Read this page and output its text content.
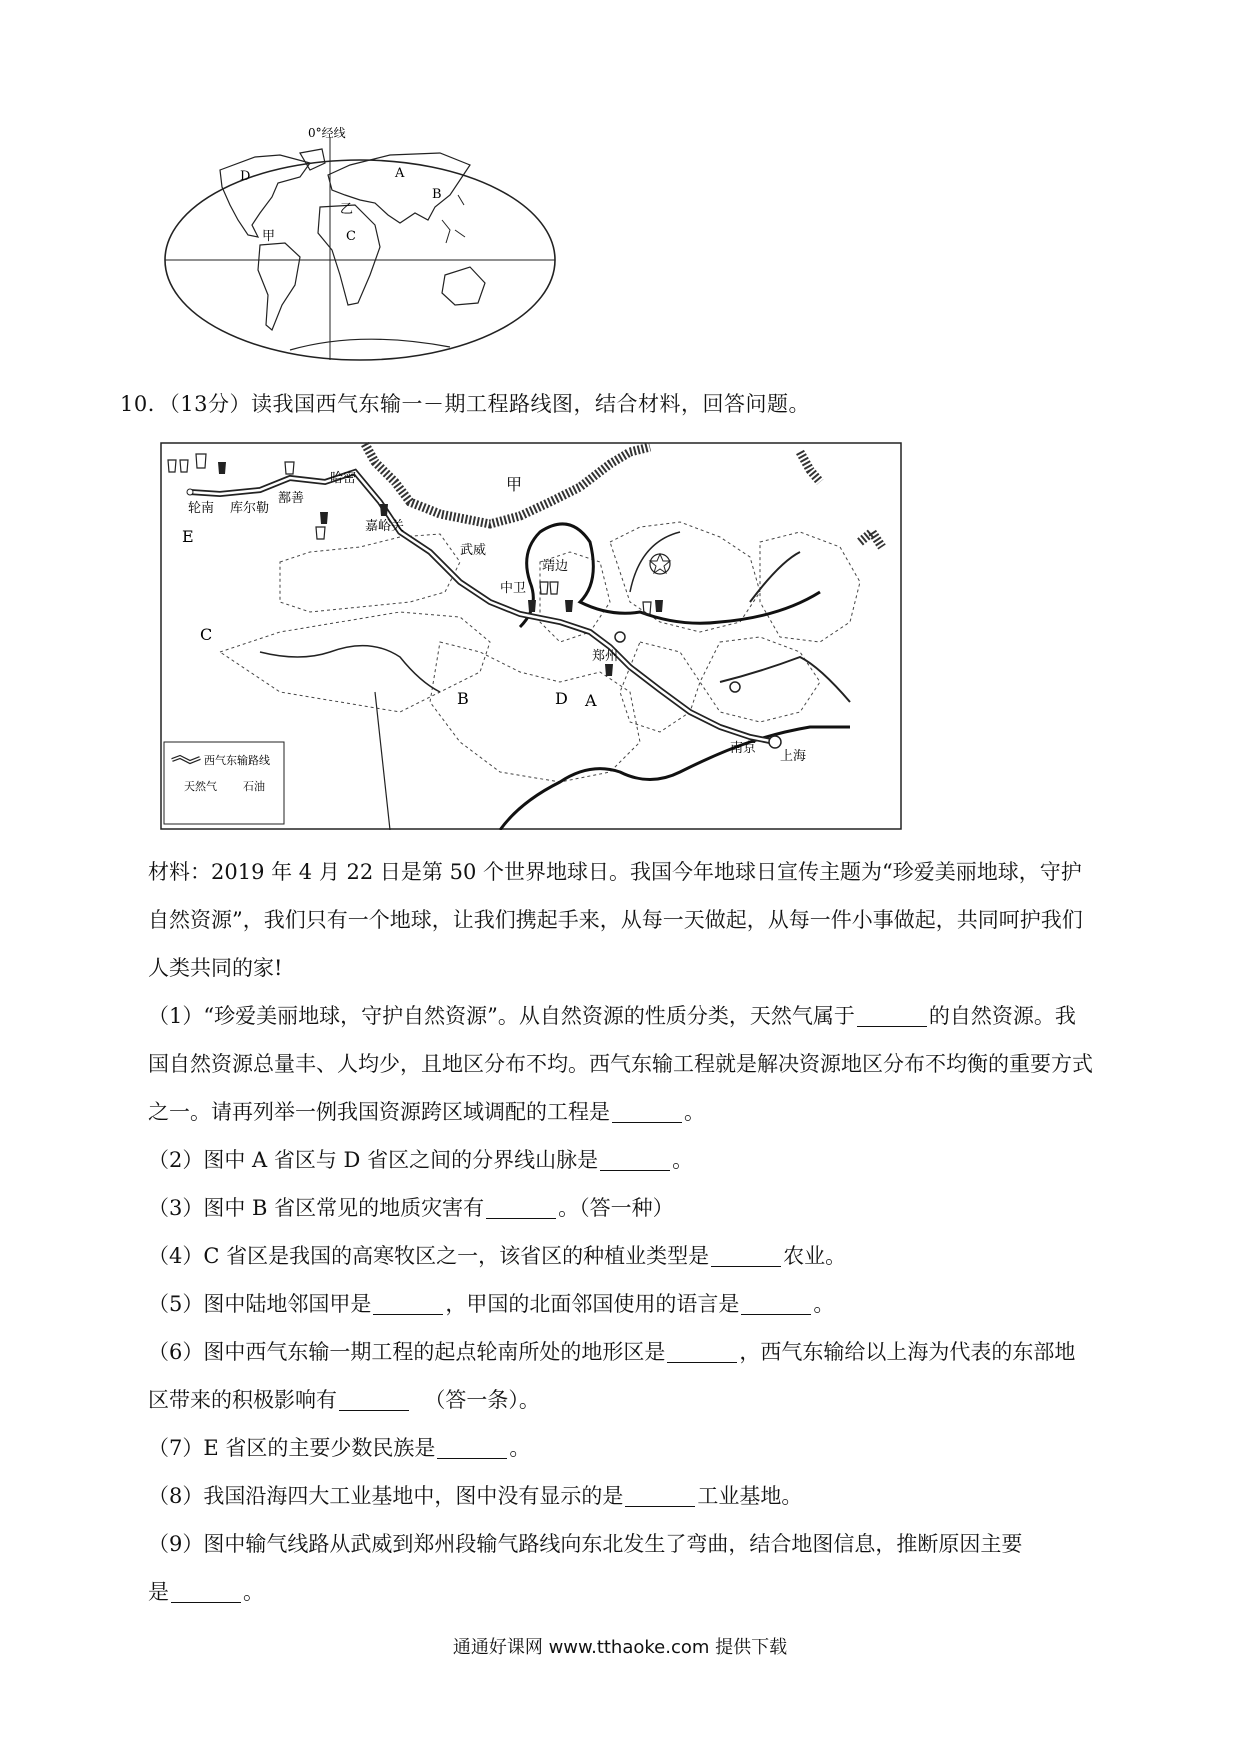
0°经线
A
B
C
D
乙
甲
10．（13分）读我国西气东输一－期工程路线图，结合材料，回答问题。
轮南 库尔勒
鄯善
哈密
嘉峪关
武威
靖边
中卫
郑州
南京
上海
甲
E
C
B	D A
西气东输路线
天然气 石油
材料：2019 年 4 月 22 日是第 50 个世界地球日。我国今年地球日宣传主题为“珍爱美丽地球，守护
自然资源”，我们只有一个地球，让我们携起手来，从每一天做起，从每一件小事做起，共同呵护我们
人类共同的家!
（1）“珍爱美丽地球，守护自然资源”。从自然资源的性质分类，天然气属于	的自然资源。我
国自然资源总量丰、人均少，且地区分布不均。西气东输工程就是解决资源地区分布不均衡的重要方式
之一。请再列举一例我国资源跨区域调配的工程是	。
（2）图中 A 省区与 D 省区之间的分界线山脉是	。
（3）图中 B 省区常见的地质灾害有	。（答一种）
（4）C 省区是我国的高寒牧区之一，该省区的种植业类型是	农业。
（5）图中陆地邻国甲是	，甲国的北面邻国使用的语言是	。
（6）图中西气东输一期工程的起点轮南所处的地形区是	，西气东输给以上海为代表的东部地
区带来的积极影响有	（答一条）。
（7）E 省区的主要少数民族是	。
（8）我国沿海四大工业基地中，图中没有显示的是	工业基地。
（9）图中输气线路从武威到郑州段输气路线向东北发生了弯曲，结合地图信息，推断原因主要
是	。
通通好课网 www.tthaoke.com 提供下载
